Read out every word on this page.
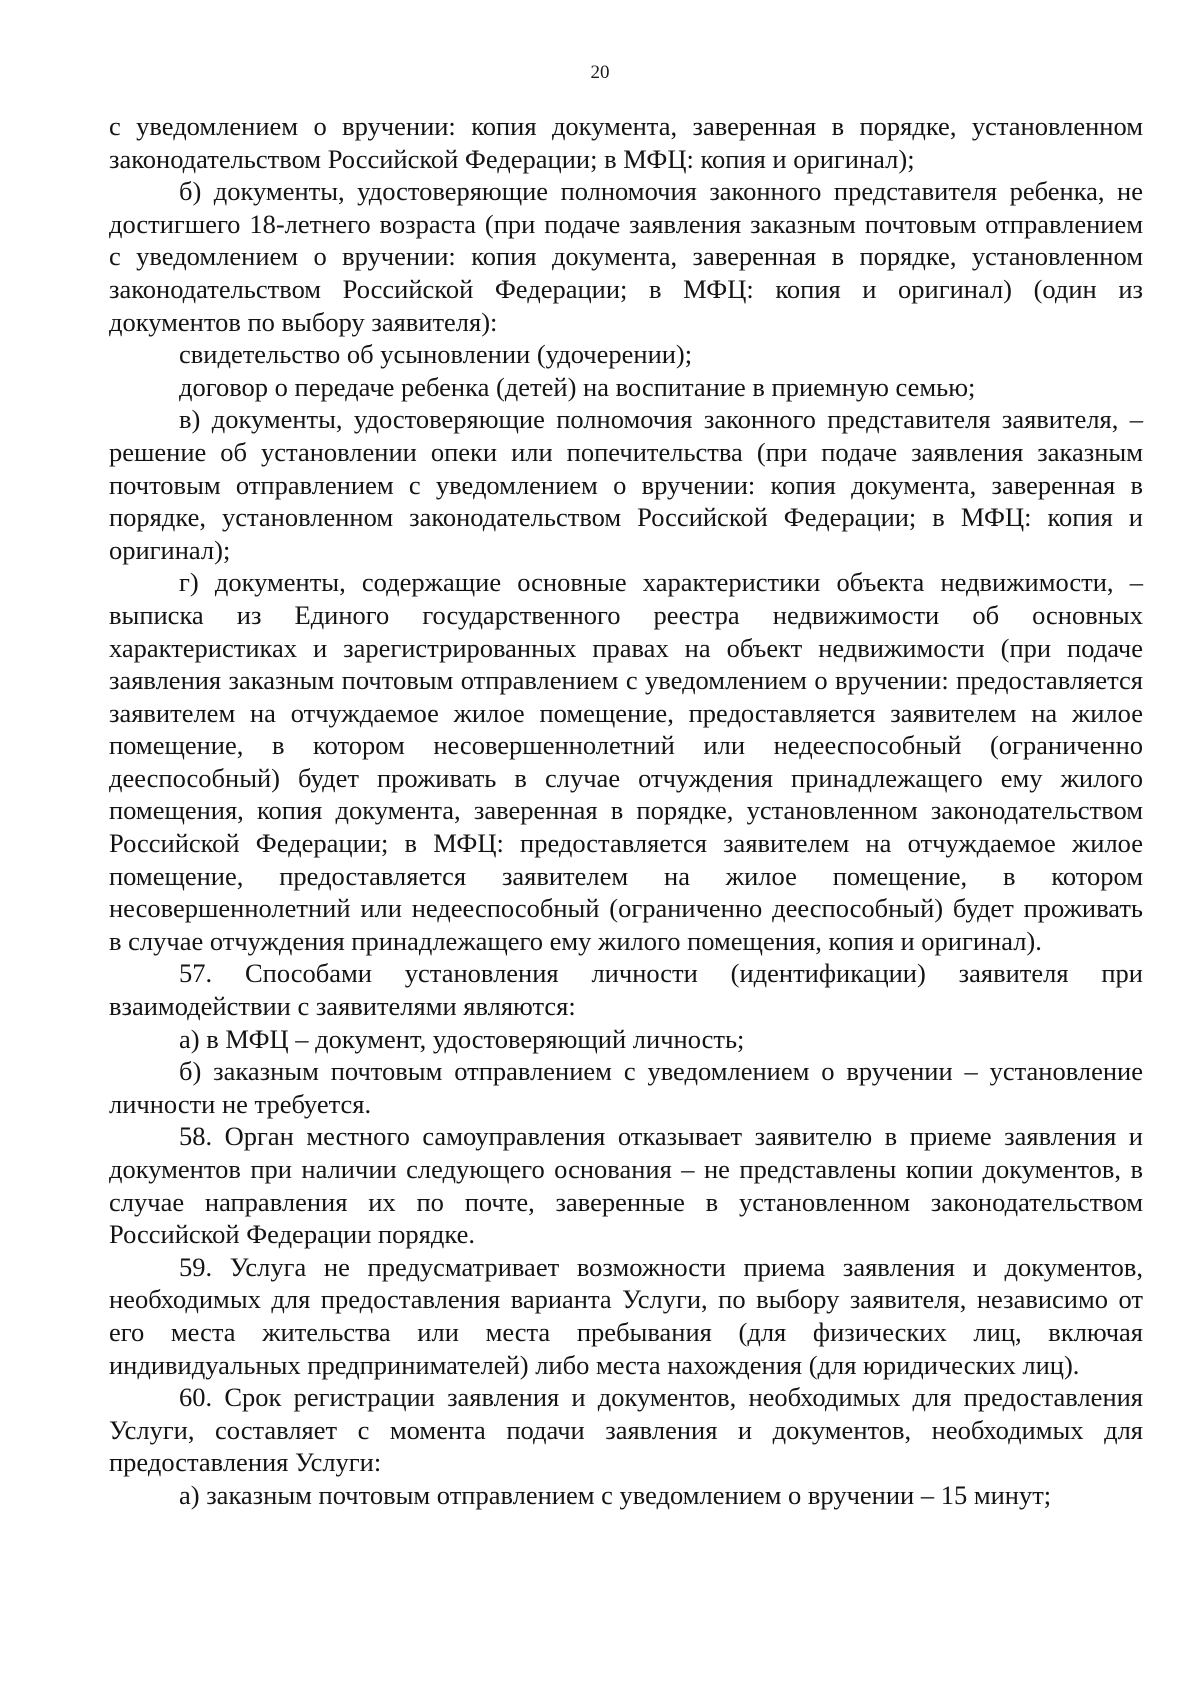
20

с уведомлением о вручении: копия документа, заверенная в порядке, установленном законодательством Российской Федерации; в МФЦ: копия и оригинал);

б) документы, удостоверяющие полномочия законного представителя ребенка, не достигшего 18-летнего возраста (при подаче заявления заказным почтовым отправлением с уведомлением о вручении: копия документа, заверенная в порядке, установленном законодательством Российской Федерации; в МФЦ: копия и оригинал) (один из документов по выбору заявителя):

свидетельство об усыновлении (удочерении);

договор о передаче ребенка (детей) на воспитание в приемную семью;

в) документы, удостоверяющие полномочия законного представителя заявителя, – решение об установлении опеки или попечительства (при подаче заявления заказным почтовым отправлением с уведомлением о вручении: копия документа, заверенная в порядке, установленном законодательством Российской Федерации; в МФЦ: копия и оригинал);

г) документы, содержащие основные характеристики объекта недвижимости, – выписка из Единого государственного реестра недвижимости об основных характеристиках и зарегистрированных правах на объект недвижимости (при подаче заявления заказным почтовым отправлением с уведомлением о вручении: предоставляется заявителем на отчуждаемое жилое помещение, предоставляется заявителем на жилое помещение, в котором несовершеннолетний или недееспособный (ограниченно дееспособный) будет проживать в случае отчуждения принадлежащего ему жилого помещения, копия документа, заверенная в порядке, установленном законодательством Российской Федерации; в МФЦ: предоставляется заявителем на отчуждаемое жилое помещение, предоставляется заявителем на жилое помещение, в котором несовершеннолетний или недееспособный (ограниченно дееспособный) будет проживать в случае отчуждения принадлежащего ему жилого помещения, копия и оригинал).

57. Способами установления личности (идентификации) заявителя при взаимодействии с заявителями являются:

а) в МФЦ – документ, удостоверяющий личность;

б) заказным почтовым отправлением с уведомлением о вручении – установление личности не требуется.

58. Орган местного самоуправления отказывает заявителю в приеме заявления и документов при наличии следующего основания – не представлены копии документов, в случае направления их по почте, заверенные в установленном законодательством Российской Федерации порядке.

59. Услуга не предусматривает возможности приема заявления и документов, необходимых для предоставления варианта Услуги, по выбору заявителя, независимо от его места жительства или места пребывания (для физических лиц, включая индивидуальных предпринимателей) либо места нахождения (для юридических лиц).

60. Срок регистрации заявления и документов, необходимых для предоставления Услуги, составляет с момента подачи заявления и документов, необходимых для предоставления Услуги:

а) заказным почтовым отправлением с уведомлением о вручении – 15 минут;
